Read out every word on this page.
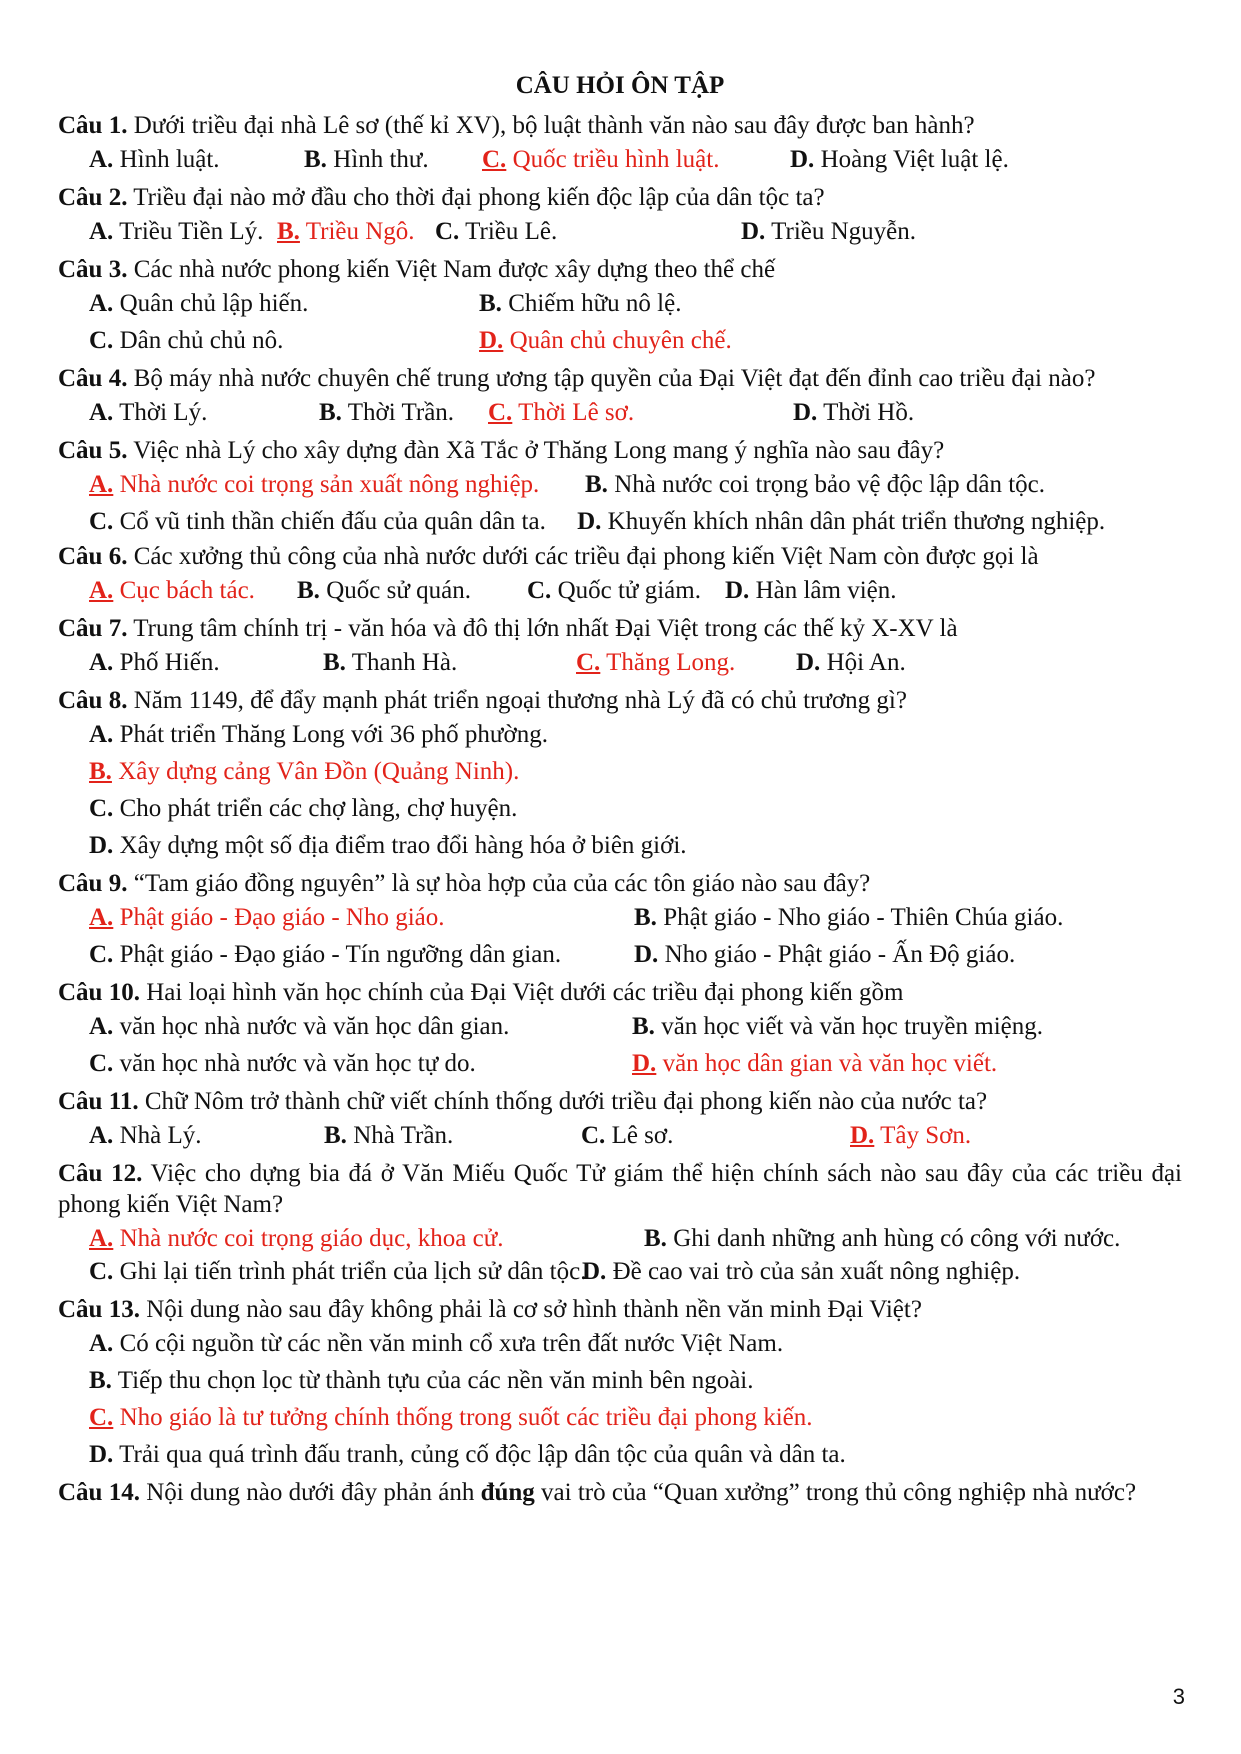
CÂU HỎI ÔN TẬP
Câu 1. Dưới triều đại nhà Lê sơ (thế kỉ XV), bộ luật thành văn nào sau đây được ban hành?
A. Hình luật.	B. Hình thư.	C. Quốc triều hình luật.	D. Hoàng Việt luật lệ.
Câu 2. Triều đại nào mở đầu cho thời đại phong kiến độc lập của dân tộc ta?
A. Triều Tiền Lý. B. Triều Ngô. C. Triều Lê.	D. Triều Nguyễn.
Câu 3. Các nhà nước phong kiến Việt Nam được xây dựng theo thể chế
A. Quân chủ lập hiến.	B. Chiếm hữu nô lệ.
C. Dân chủ chủ nô.	D. Quân chủ chuyên chế.
Câu 4. Bộ máy nhà nước chuyên chế trung ương tập quyền của Đại Việt đạt đến đỉnh cao triều đại nào?
A. Thời Lý.	B. Thời Trần.	C. Thời Lê sơ.	D. Thời Hồ.
Câu 5. Việc nhà Lý cho xây dựng đàn Xã Tắc ở Thăng Long mang ý nghĩa nào sau đây?
A. Nhà nước coi trọng sản xuất nông nghiệp.	B. Nhà nước coi trọng bảo vệ độc lập dân tộc.
C. Cổ vũ tinh thần chiến đấu của quân dân ta. D. Khuyến khích nhân dân phát triển thương nghiệp.
Câu 6. Các xưởng thủ công của nhà nước dưới các triều đại phong kiến Việt Nam còn được gọi là
A. Cục bách tác.	B. Quốc sử quán.	C. Quốc tử giám. D. Hàn lâm viện.
Câu 7. Trung tâm chính trị - văn hóa và đô thị lớn nhất Đại Việt trong các thế kỷ X-XV là
A. Phố Hiến.	B. Thanh Hà.	C. Thăng Long.	D. Hội An.
Câu 8. Năm 1149, để đẩy mạnh phát triển ngoại thương nhà Lý đã có chủ trương gì?
A. Phát triển Thăng Long với 36 phố phường.
B. Xây dựng cảng Vân Đồn (Quảng Ninh).
C. Cho phát triển các chợ làng, chợ huyện.
D. Xây dựng một số địa điểm trao đổi hàng hóa ở biên giới.
Câu 9. “Tam giáo đồng nguyên” là sự hòa hợp của của các tôn giáo nào sau đây?
A. Phật giáo - Đạo giáo - Nho giáo.	B. Phật giáo - Nho giáo - Thiên Chúa giáo.
C. Phật giáo - Đạo giáo - Tín ngưỡng dân gian.	D. Nho giáo - Phật giáo - Ấn Độ giáo.
Câu 10. Hai loại hình văn học chính của Đại Việt dưới các triều đại phong kiến gồm
A. văn học nhà nước và văn học dân gian.	B. văn học viết và văn học truyền miệng.
C. văn học nhà nước và văn học tự do.	D. văn học dân gian và văn học viết.
Câu 11. Chữ Nôm trở thành chữ viết chính thống dưới triều đại phong kiến nào của nước ta?
A. Nhà Lý.	B. Nhà Trần.	C. Lê sơ.	D. Tây Sơn.
Câu 12. Việc cho dựng bia đá ở Văn Miếu Quốc Tử giám thể hiện chính sách nào sau đây của các triều đại phong kiến Việt Nam?
A. Nhà nước coi trọng giáo dục, khoa cử.	B. Ghi danh những anh hùng có công với nước.
C. Ghi lại tiến trình phát triển của lịch sử dân tộc.
D. Đề cao vai trò của sản xuất nông nghiệp.
Câu 13. Nội dung nào sau đây không phải là cơ sở hình thành nền văn minh Đại Việt?
A. Có cội nguồn từ các nền văn minh cổ xưa trên đất nước Việt Nam.
B. Tiếp thu chọn lọc từ thành tựu của các nền văn minh bên ngoài.
C. Nho giáo là tư tưởng chính thống trong suốt các triều đại phong kiến.
D. Trải qua quá trình đấu tranh, củng cố độc lập dân tộc của quân và dân ta.
Câu 14. Nội dung nào dưới đây phản ánh đúng vai trò của “Quan xưởng” trong thủ công nghiệp nhà nước?
3
